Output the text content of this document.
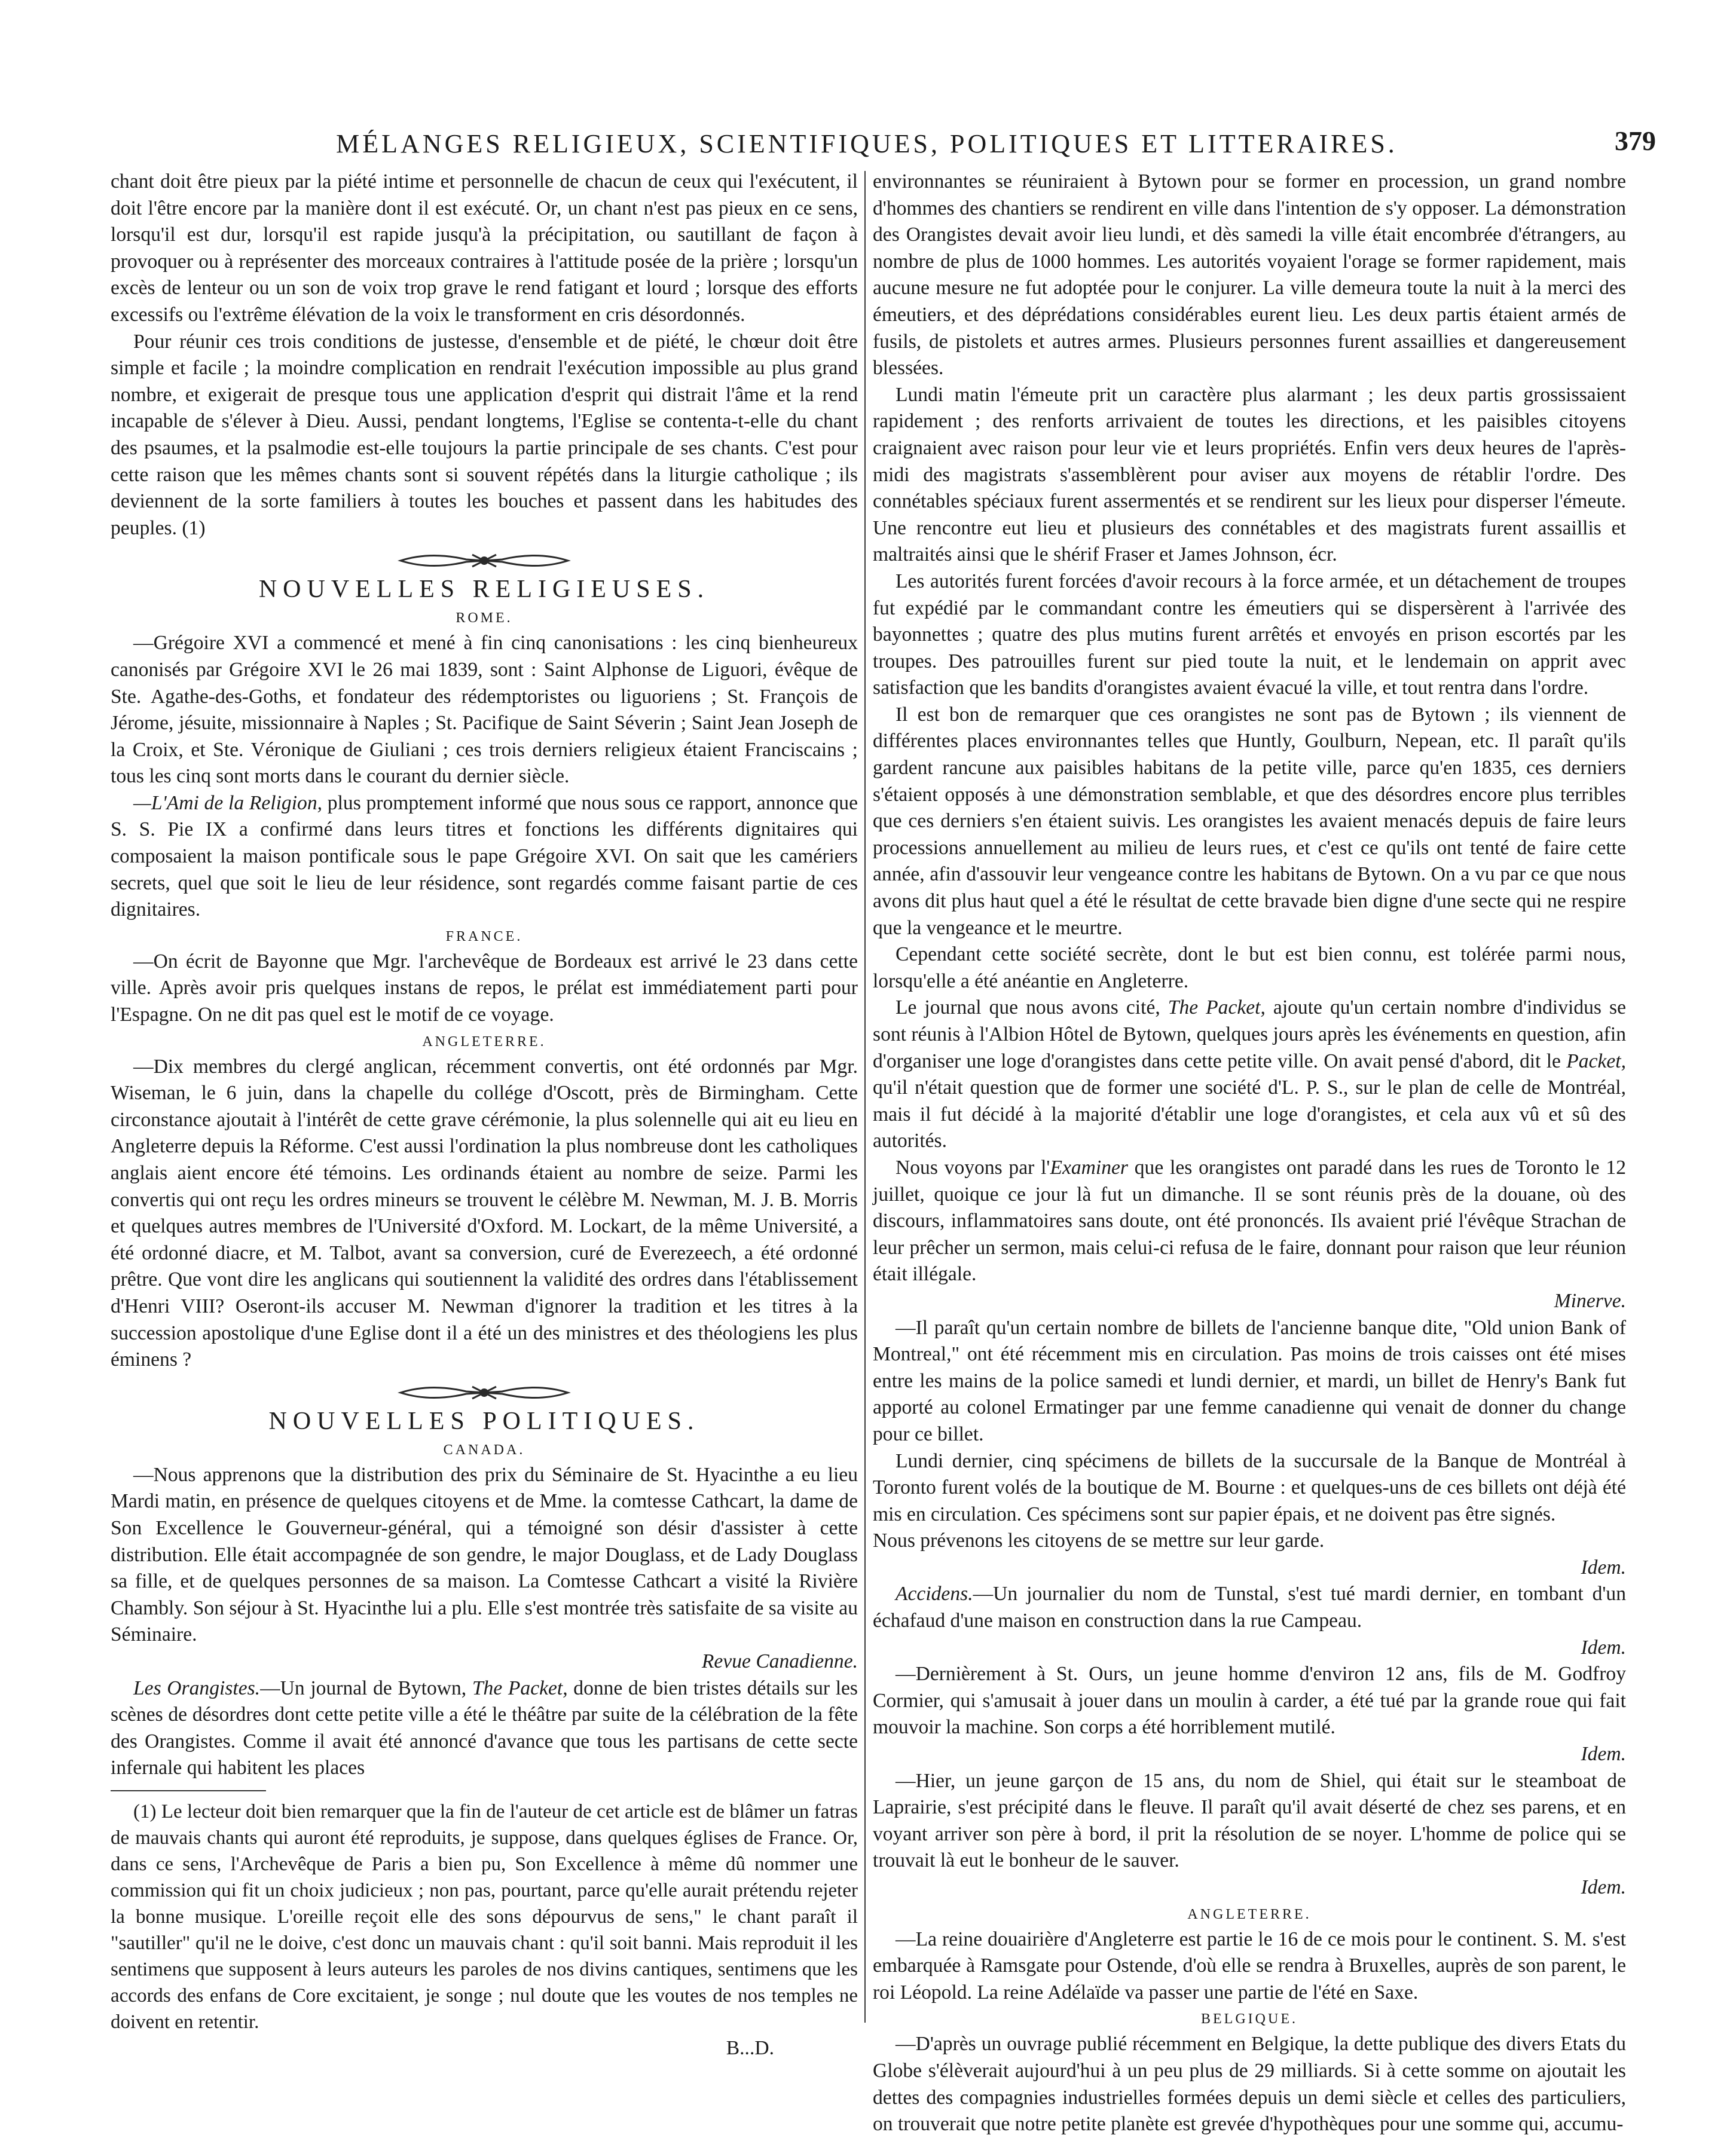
MÉLANGES RELIGIEUX, SCIENTIFIQUES, POLITIQUES ET LITTERAIRES.	379

chant doit être pieux par la piété intime et personnelle de chacun de ceux qui l'exécutent, il doit l'être encore par la manière dont il est exécuté. Or, un chant n'est pas pieux en ce sens, lorsqu'il est dur, lorsqu'il est rapide jusqu'à la précipitation, ou sautillant de façon à provoquer ou à représenter des morceaux contraires à l'attitude posée de la prière ; lorsqu'un excès de lenteur ou un son de voix trop grave le rend fatigant et lourd ; lorsque des efforts excessifs ou l'extrême élévation de la voix le transforment en cris désordonnés.

Pour réunir ces trois conditions de justesse, d'ensemble et de piété, le chœur doit être simple et facile ; la moindre complication en rendrait l'exécution impossible au plus grand nombre, et exigerait de presque tous une application d'esprit qui distrait l'âme et la rend incapable de s'élever à Dieu. Aussi, pendant longtems, l'Eglise se contenta-t-elle du chant des psaumes, et la psalmodie est-elle toujours la partie principale de ses chants. C'est pour cette raison que les mêmes chants sont si souvent répétés dans la liturgie catholique ; ils deviennent de la sorte familiers à toutes les bouches et passent dans les habitudes des peuples. (1)

NOUVELLES RELIGIEUSES.
ROME.

—Grégoire XVI a commencé et mené à fin cinq canonisations : les cinq bienheureux canonisés par Grégoire XVI le 26 mai 1839, sont : Saint Alphonse de Liguori, évêque de Ste. Agathe-des-Goths, et fondateur des rédemptoristes ou liguoriens ; St. François de Jérome, jésuite, missionnaire à Naples ; St. Pacifique de Saint Séverin ; Saint Jean Joseph de la Croix, et Ste. Véronique de Giuliani ; ces trois derniers religieux étaient Franciscains ; tous les cinq sont morts dans le courant du dernier siècle.

—L'Ami de la Religion, plus promptement informé que nous sous ce rapport, annonce que S. S. Pie IX a confirmé dans leurs titres et fonctions les différents dignitaires qui composaient la maison pontificale sous le pape Grégoire XVI. On sait que les camériers secrets, quel que soit le lieu de leur résidence, sont regardés comme faisant partie de ces dignitaires.

FRANCE.

—On écrit de Bayonne que Mgr. l'archevêque de Bordeaux est arrivé le 23 dans cette ville. Après avoir pris quelques instans de repos, le prélat est immédiatement parti pour l'Espagne. On ne dit pas quel est le motif de ce voyage.

ANGLETERRE.

—Dix membres du clergé anglican, récemment convertis, ont été ordonnés par Mgr. Wiseman, le 6 juin, dans la chapelle du collége d'Oscott, près de Birmingham. Cette circonstance ajoutait à l'intérêt de cette grave cérémonie, la plus solennelle qui ait eu lieu en Angleterre depuis la Réforme. C'est aussi l'ordination la plus nombreuse dont les catholiques anglais aient encore été témoins. Les ordinands étaient au nombre de seize. Parmi les convertis qui ont reçu les ordres mineurs se trouvent le célèbre M. Newman, M. J. B. Morris et quelques autres membres de l'Université d'Oxford. M. Lockart, de la même Université, a été ordonné diacre, et M. Talbot, avant sa conversion, curé de Everezeech, a été ordonné prêtre. Que vont dire les anglicans qui soutiennent la validité des ordres dans l'établissement d'Henri VIII? Oseront-ils accuser M. Newman d'ignorer la tradition et les titres à la succession apostolique d'une Eglise dont il a été un des ministres et des théologiens les plus éminens ?

NOUVELLES POLITIQUES.
CANADA.

—Nous apprenons que la distribution des prix du Séminaire de St. Hyacinthe a eu lieu Mardi matin, en présence de quelques citoyens et de Mme. la comtesse Cathcart, la dame de Son Excellence le Gouverneur-général, qui a témoigné son désir d'assister à cette distribution. Elle était accompagnée de son gendre, le major Douglass, et de Lady Douglass sa fille, et de quelques personnes de sa maison. La Comtesse Cathcart a visité la Rivière Chambly. Son séjour à St. Hyacinthe lui a plu. Elle s'est montrée très satisfaite de sa visite au Séminaire.

Revue Canadienne.

Les Orangistes.—Un journal de Bytown, The Packet, donne de bien tristes détails sur les scènes de désordres dont cette petite ville a été le théâtre par suite de la célébration de la fête des Orangistes. Comme il avait été annoncé d'avance que tous les partisans de cette secte infernale qui habitent les places

(1) Le lecteur doit bien remarquer que la fin de l'auteur de cet article est de blâmer un fatras de mauvais chants qui auront été reproduits, je suppose, dans quelques églises de France. Or, dans ce sens, l'Archevêque de Paris a bien pu, Son Excellence à même dû nommer une commission qui fit un choix judicieux ; non pas, pourtant, parce qu'elle aurait prétendu rejeter la bonne musique. L'oreille reçoit elle des sons dépourvus de sens," le chant paraît il "sautiller" qu'il ne le doive, c'est donc un mauvais chant : qu'il soit banni. Mais reproduit il les sentimens que supposent à leurs auteurs les paroles de nos divins cantiques, sentimens que les accords des enfans de Core excitaient, je songe ; nul doute que les voutes de nos temples ne doivent en retentir.

B...D.

environnantes se réuniraient à Bytown pour se former en procession, un grand nombre d'hommes des chantiers se rendirent en ville dans l'intention de s'y opposer. La démonstration des Orangistes devait avoir lieu lundi, et dès samedi la ville était encombrée d'étrangers, au nombre de plus de 1000 hommes. Les autorités voyaient l'orage se former rapidement, mais aucune mesure ne fut adoptée pour le conjurer. La ville demeura toute la nuit à la merci des émeutiers, et des déprédations considérables eurent lieu. Les deux partis étaient armés de fusils, de pistolets et autres armes. Plusieurs personnes furent assaillies et dangereusement blessées.

Lundi matin l'émeute prit un caractère plus alarmant ; les deux partis grossissaient rapidement ; des renforts arrivaient de toutes les directions, et les paisibles citoyens craignaient avec raison pour leur vie et leurs propriétés. Enfin vers deux heures de l'après-midi des magistrats s'assemblèrent pour aviser aux moyens de rétablir l'ordre. Des connétables spéciaux furent assermentés et se rendirent sur les lieux pour disperser l'émeute. Une rencontre eut lieu et plusieurs des connétables et des magistrats furent assaillis et maltraités ainsi que le shérif Fraser et James Johnson, écr.

Les autorités furent forcées d'avoir recours à la force armée, et un détachement de troupes fut expédié par le commandant contre les émeutiers qui se dispersèrent à l'arrivée des bayonnettes ; quatre des plus mutins furent arrêtés et envoyés en prison escortés par les troupes. Des patrouilles furent sur pied toute la nuit, et le lendemain on apprit avec satisfaction que les bandits d'orangistes avaient évacué la ville, et tout rentra dans l'ordre.

Il est bon de remarquer que ces orangistes ne sont pas de Bytown ; ils viennent de différentes places environnantes telles que Huntly, Goulburn, Nepean, etc. Il paraît qu'ils gardent rancune aux paisibles habitans de la petite ville, parce qu'en 1835, ces derniers s'étaient opposés à une démonstration semblable, et que des désordres encore plus terribles que ces derniers s'en étaient suivis. Les orangistes les avaient menacés depuis de faire leurs processions annuellement au milieu de leurs rues, et c'est ce qu'ils ont tenté de faire cette année, afin d'assouvir leur vengeance contre les habitans de Bytown. On a vu par ce que nous avons dit plus haut quel a été le résultat de cette bravade bien digne d'une secte qui ne respire que la vengeance et le meurtre.

Cependant cette société secrète, dont le but est bien connu, est tolérée parmi nous, lorsqu'elle a été anéantie en Angleterre.

Le journal que nous avons cité, The Packet, ajoute qu'un certain nombre d'individus se sont réunis à l'Albion Hôtel de Bytown, quelques jours après les événements en question, afin d'organiser une loge d'orangistes dans cette petite ville. On avait pensé d'abord, dit le Packet, qu'il n'était question que de former une société d'L. P. S., sur le plan de celle de Montréal, mais il fut décidé à la majorité d'établir une loge d'orangistes, et cela aux vû et sû des autorités.

Nous voyons par l'Examiner que les orangistes ont paradé dans les rues de Toronto le 12 juillet, quoique ce jour là fut un dimanche. Il se sont réunis près de la douane, où des discours, inflammatoires sans doute, ont été prononcés. Ils avaient prié l'évêque Strachan de leur prêcher un sermon, mais celui-ci refusa de le faire, donnant pour raison que leur réunion était illégale.

Minerve.

—Il paraît qu'un certain nombre de billets de l'ancienne banque dite, "Old union Bank of Montreal," ont été récemment mis en circulation. Pas moins de trois caisses ont été mises entre les mains de la police samedi et lundi dernier, et mardi, un billet de Henry's Bank fut apporté au colonel Ermatinger par une femme canadienne qui venait de donner du change pour ce billet.

Lundi dernier, cinq spécimens de billets de la succursale de la Banque de Montréal à Toronto furent volés de la boutique de M. Bourne : et quelques-uns de ces billets ont déjà été mis en circulation. Ces spécimens sont sur papier épais, et ne doivent pas être signés.

Nous prévenons les citoyens de se mettre sur leur garde.

Idem.

Accidens.—Un journalier du nom de Tunstal, s'est tué mardi dernier, en tombant d'un échafaud d'une maison en construction dans la rue Campeau.

Idem.

—Dernièrement à St. Ours, un jeune homme d'environ 12 ans, fils de M. Godfroy Cormier, qui s'amusait à jouer dans un moulin à carder, a été tué par la grande roue qui fait mouvoir la machine. Son corps a été horriblement mutilé.

Idem.

—Hier, un jeune garçon de 15 ans, du nom de Shiel, qui était sur le steamboat de Laprairie, s'est précipité dans le fleuve. Il paraît qu'il avait déserté de chez ses parens, et en voyant arriver son père à bord, il prit la résolution de se noyer. L'homme de police qui se trouvait là eut le bonheur de le sauver.

Idem.
ANGLETERRE.

—La reine douairière d'Angleterre est partie le 16 de ce mois pour le continent. S. M. s'est embarquée à Ramsgate pour Ostende, d'où elle se rendra à Bruxelles, auprès de son parent, le roi Léopold. La reine Adélaïde va passer une partie de l'été en Saxe.

BELGIQUE.

—D'après un ouvrage publié récemment en Belgique, la dette publique des divers Etats du Globe s'élèverait aujourd'hui à un peu plus de 29 milliards. Si à cette somme on ajoutait les dettes des compagnies industrielles formées depuis un demi siècle et celles des particuliers, on trouverait que notre petite planète est grevée d'hypothèques pour une somme qui, accumu-
